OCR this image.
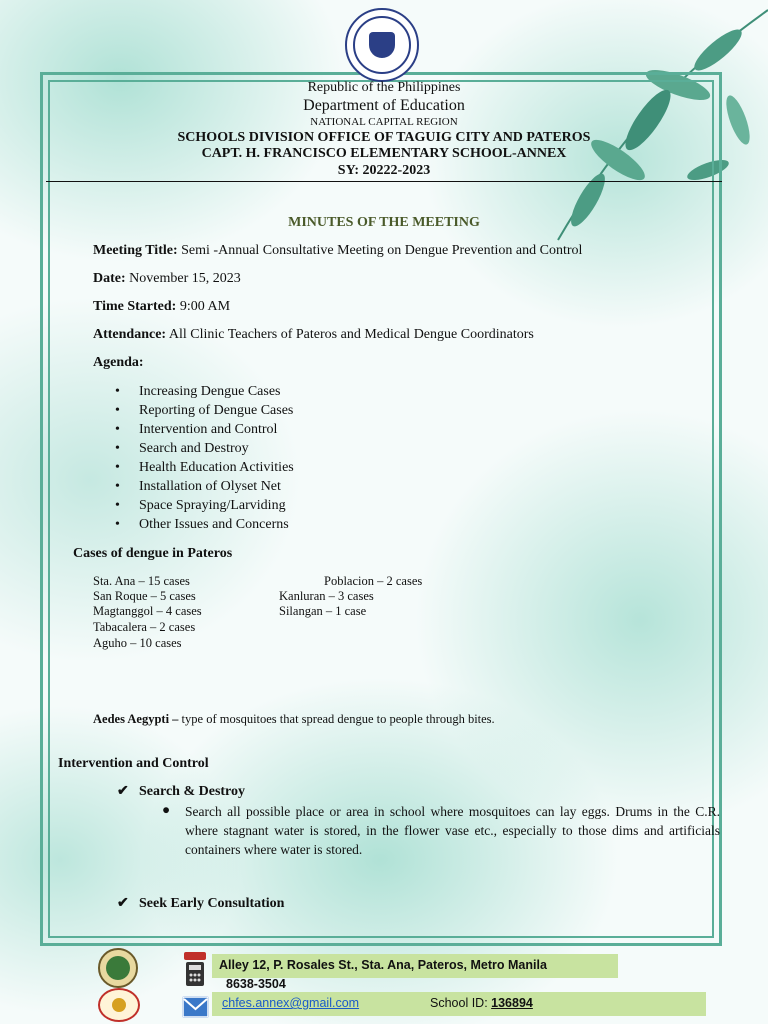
Republic of the Philippines
Department of Education
NATIONAL CAPITAL REGION
SCHOOLS DIVISION OFFICE OF TAGUIG CITY AND PATEROS
CAPT. H. FRANCISCO ELEMENTARY SCHOOL-ANNEX
SY: 20222-2023
MINUTES OF THE MEETING
Meeting Title: Semi -Annual Consultative Meeting on Dengue Prevention and Control
Date: November 15, 2023
Time Started: 9:00 AM
Attendance: All Clinic Teachers of Pateros and Medical Dengue Coordinators
Agenda:
• Increasing Dengue Cases
• Reporting of Dengue Cases
• Intervention and Control
• Search and Destroy
• Health Education Activities
• Installation of Olyset Net
• Space Spraying/Larviding
• Other Issues and Concerns
Cases of dengue in Pateros
Sta. Ana – 15 cases
San Roque – 5 cases
Magtanggol – 4 cases
Tabacalera – 2 cases
Aguho – 10 cases
Poblacion – 2 cases
Kanluran – 3 cases
Silangan – 1 case
Aedes Aegypti – type of mosquitoes that spread dengue to people through bites.
Intervention and Control
✔ Search & Destroy
● Search all possible place or area in school where mosquitoes can lay eggs. Drums in the C.R. where stagnant water is stored, in the flower vase etc., especially to those dims and artificials containers where water is stored.
✔ Seek Early Consultation
Alley 12, P. Rosales St., Sta. Ana, Pateros, Metro Manila
8638-3504
chfes.annex@gmail.com	School ID: 136894
